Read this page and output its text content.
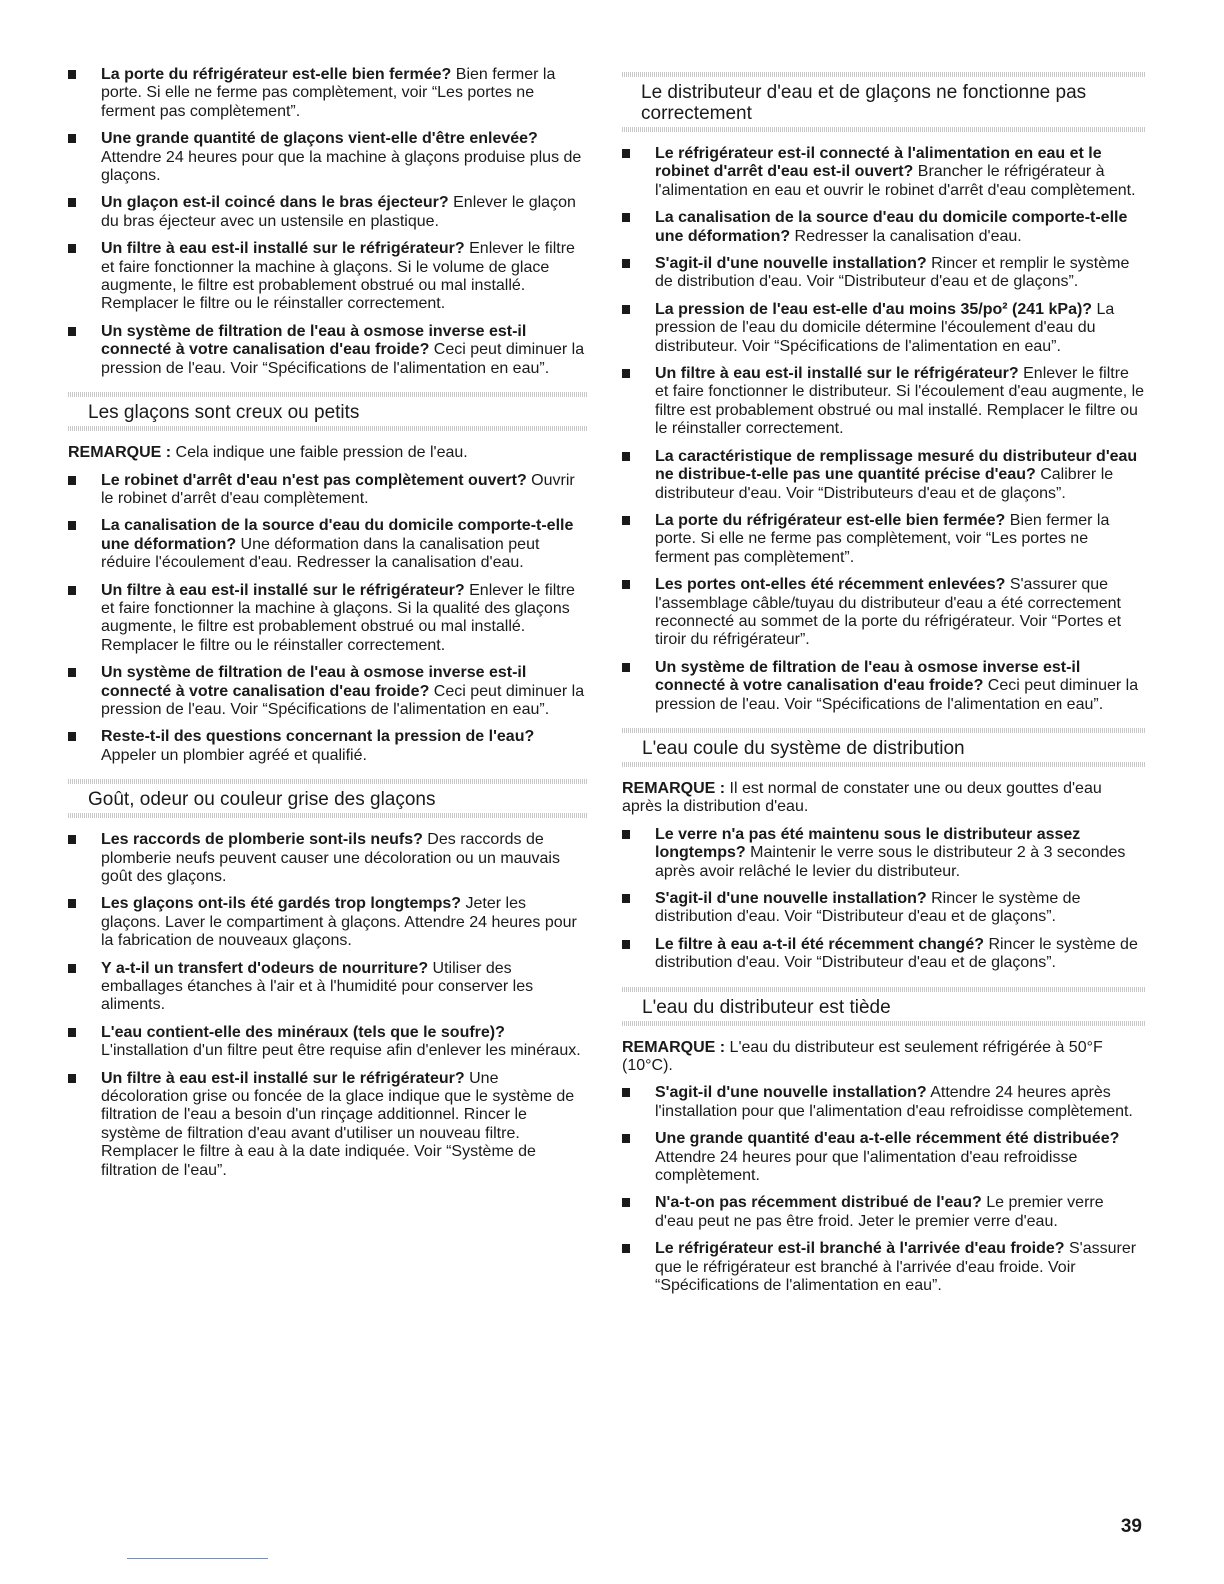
La porte du réfrigérateur est-elle bien fermée? Bien fermer la porte. Si elle ne ferme pas complètement, voir “Les portes ne ferment pas complètement”.
Une grande quantité de glaçons vient-elle d'être enlevée? Attendre 24 heures pour que la machine à glaçons produise plus de glaçons.
Un glaçon est-il coincé dans le bras éjecteur? Enlever le glaçon du bras éjecteur avec un ustensile en plastique.
Un filtre à eau est-il installé sur le réfrigérateur? Enlever le filtre et faire fonctionner la machine à glaçons. Si le volume de glace augmente, le filtre est probablement obstrué ou mal installé. Remplacer le filtre ou le réinstaller correctement.
Un système de filtration de l'eau à osmose inverse est-il connecté à votre canalisation d'eau froide? Ceci peut diminuer la pression de l'eau. Voir “Spécifications de l'alimentation en eau”.
Les glaçons sont creux ou petits

REMARQUE : Cela indique une faible pression de l'eau.

Le robinet d'arrêt d'eau n'est pas complètement ouvert? Ouvrir le robinet d'arrêt d'eau complètement.
La canalisation de la source d'eau du domicile comporte-t-elle une déformation? Une déformation dans la canalisation peut réduire l'écoulement d'eau. Redresser la canalisation d'eau.
Un filtre à eau est-il installé sur le réfrigérateur? Enlever le filtre et faire fonctionner la machine à glaçons. Si la qualité des glaçons augmente, le filtre est probablement obstrué ou mal installé. Remplacer le filtre ou le réinstaller correctement.
Un système de filtration de l'eau à osmose inverse est-il connecté à votre canalisation d'eau froide? Ceci peut diminuer la pression de l'eau. Voir “Spécifications de l'alimentation en eau”.
Reste-t-il des questions concernant la pression de l'eau? Appeler un plombier agréé et qualifié.
Goût, odeur ou couleur grise des glaçons
Les raccords de plomberie sont-ils neufs? Des raccords de plomberie neufs peuvent causer une décoloration ou un mauvais goût des glaçons.
Les glaçons ont-ils été gardés trop longtemps? Jeter les glaçons. Laver le compartiment à glaçons. Attendre 24 heures pour la fabrication de nouveaux glaçons.
Y a-t-il un transfert d'odeurs de nourriture? Utiliser des emballages étanches à l'air et à l'humidité pour conserver les aliments.
L'eau contient-elle des minéraux (tels que le soufre)? L'installation d'un filtre peut être requise afin d'enlever les minéraux.
Un filtre à eau est-il installé sur le réfrigérateur? Une décoloration grise ou foncée de la glace indique que le système de filtration de l'eau a besoin d'un rinçage additionnel. Rincer le système de filtration d'eau avant d'utiliser un nouveau filtre. Remplacer le filtre à eau à la date indiquée. Voir “Système de filtration de l'eau”.
Le distributeur d'eau et de glaçons ne fonctionne pas correctement
Le réfrigérateur est-il connecté à l'alimentation en eau et le robinet d'arrêt d'eau est-il ouvert? Brancher le réfrigérateur à l'alimentation en eau et ouvrir le robinet d'arrêt d'eau complètement.
La canalisation de la source d'eau du domicile comporte-t-elle une déformation? Redresser la canalisation d'eau.
S'agit-il d'une nouvelle installation? Rincer et remplir le système de distribution d'eau. Voir “Distributeur d'eau et de glaçons”.
La pression de l'eau est-elle d'au moins 35/po² (241 kPa)? La pression de l'eau du domicile détermine l'écoulement d'eau du distributeur. Voir “Spécifications de l'alimentation en eau”.
Un filtre à eau est-il installé sur le réfrigérateur? Enlever le filtre et faire fonctionner le distributeur. Si l'écoulement d'eau augmente, le filtre est probablement obstrué ou mal installé. Remplacer le filtre ou le réinstaller correctement.
La caractéristique de remplissage mesuré du distributeur d'eau ne distribue-t-elle pas une quantité précise d'eau? Calibrer le distributeur d'eau. Voir “Distributeurs d'eau et de glaçons”.
La porte du réfrigérateur est-elle bien fermée? Bien fermer la porte. Si elle ne ferme pas complètement, voir “Les portes ne ferment pas complètement”.
Les portes ont-elles été récemment enlevées? S'assurer que l'assemblage câble/tuyau du distributeur d'eau a été correctement reconnecté au sommet de la porte du réfrigérateur. Voir “Portes et tiroir du réfrigérateur”.
Un système de filtration de l'eau à osmose inverse est-il connecté à votre canalisation d'eau froide? Ceci peut diminuer la pression de l'eau. Voir “Spécifications de l'alimentation en eau”.
L'eau coule du système de distribution

REMARQUE : Il est normal de constater une ou deux gouttes d'eau après la distribution d'eau.

Le verre n'a pas été maintenu sous le distributeur assez longtemps? Maintenir le verre sous le distributeur 2 à 3 secondes après avoir relâché le levier du distributeur.
S'agit-il d'une nouvelle installation? Rincer le système de distribution d'eau. Voir “Distributeur d'eau et de glaçons”.
Le filtre à eau a-t-il été récemment changé? Rincer le système de distribution d'eau. Voir “Distributeur d'eau et de glaçons”.
L'eau du distributeur est tiède

REMARQUE : L'eau du distributeur est seulement réfrigérée à 50°F (10°C).

S'agit-il d'une nouvelle installation? Attendre 24 heures après l'installation pour que l'alimentation d'eau refroidisse complètement.
Une grande quantité d'eau a-t-elle récemment été distribuée? Attendre 24 heures pour que l'alimentation d'eau refroidisse complètement.
N'a-t-on pas récemment distribué de l'eau? Le premier verre d'eau peut ne pas être froid. Jeter le premier verre d'eau.
Le réfrigérateur est-il branché à l'arrivée d'eau froide? S'assurer que le réfrigérateur est branché à l'arrivée d'eau froide. Voir “Spécifications de l'alimentation en eau”.
39
